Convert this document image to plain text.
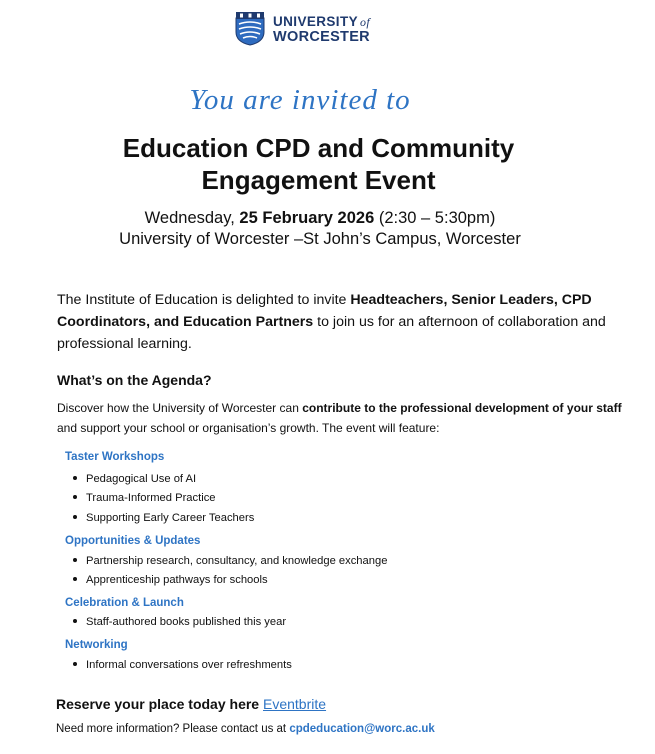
UNIVERSITY of
WORCESTER
You are invited to
Education CPD and Community
Engagement Event
Wednesday, 25 February 2026 (2:30 – 5:30pm)
University of Worcester –St John’s Campus, Worcester
The Institute of Education is delighted to invite Headteachers, Senior Leaders, CPD Coordinators, and Education Partners to join us for an afternoon of collaboration and professional learning.
What’s on the Agenda?
Discover how the University of Worcester can contribute to the professional development of your staff and support your school or organisation’s growth. The event will feature:
Taster Workshops
Pedagogical Use of AI
Trauma-Informed Practice
Supporting Early Career Teachers
Opportunities & Updates
Partnership research, consultancy, and knowledge exchange
Apprenticeship pathways for schools
Celebration & Launch
Staff-authored books published this year
Networking
Informal conversations over refreshments
Reserve your place today here Eventbrite
Need more information? Please contact us at cpdeducation@worc.ac.uk
